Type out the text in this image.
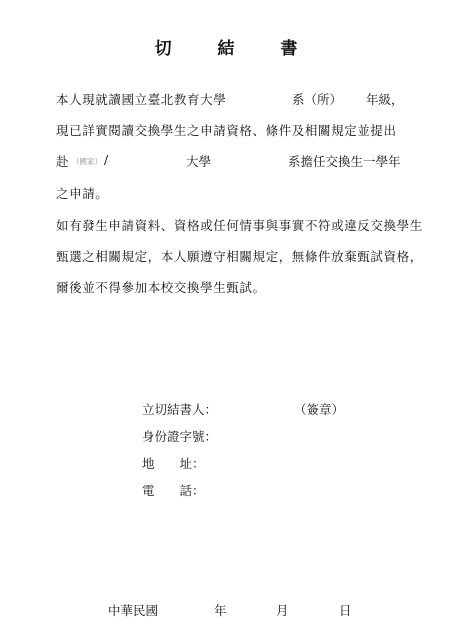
切 結 書
本人現就讀國立臺北教育大學	系（所） 年級，
現已詳實閱讀交換學生之申請資格、條件及相關規定並提出
赴 （國家） /	大學	系擔任交換生一學年
之申請。
如有發生申請資料、資格或任何情事與事實不符或違反交換學生
甄選之相關規定，本人願遵守相關規定，無條件放棄甄試資格，
爾後並不得參加本校交換學生甄試。
立切結書人：	（簽章）
身份證字號：
地　　址：
電　　話：
中華民國	年	月	日
